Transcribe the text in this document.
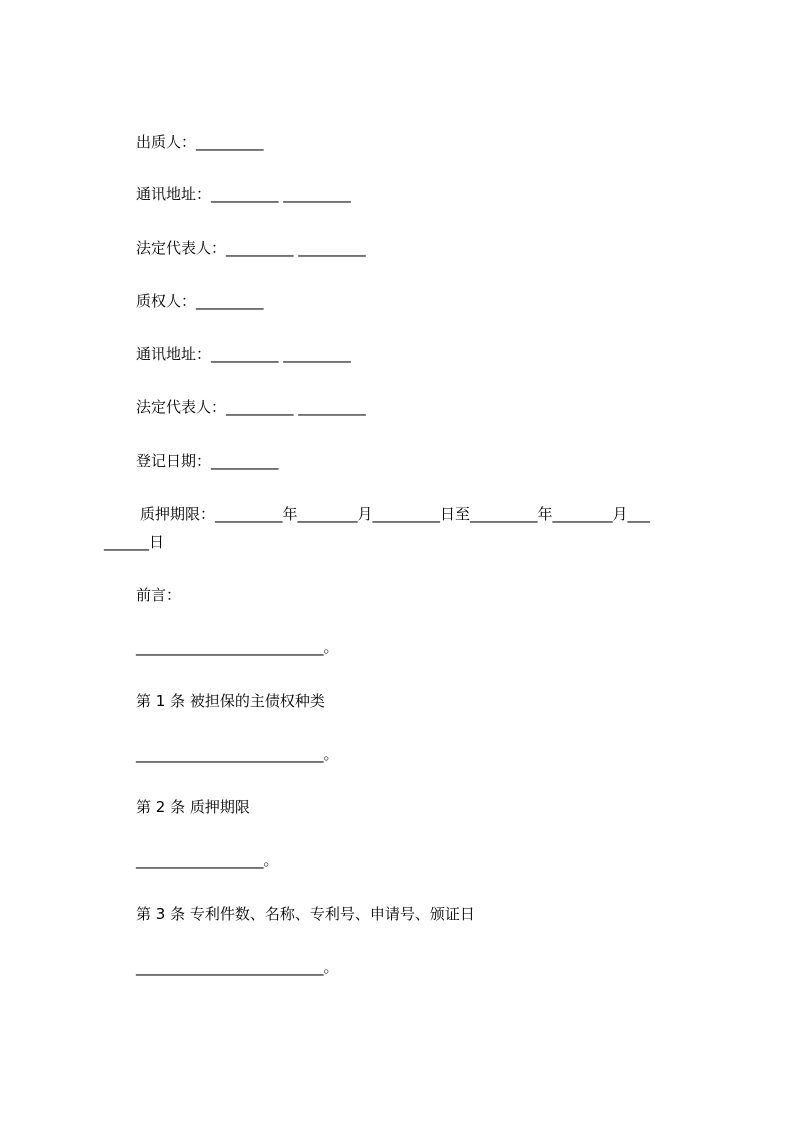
出质人：_________
通讯地址：_________ _________
法定代表人：_________ _________
质权人：_________
通讯地址：_________ _________
法定代表人：_________ _________
登记日期：_________
质押期限：_________年________月_________日至_________年________月___
______日
前言：
_________________________。
第 1 条 被担保的主债权种类
_________________________。
第 2 条 质押期限
_________________。
第 3 条 专利件数、名称、专利号、申请号、颁证日
_________________________。
